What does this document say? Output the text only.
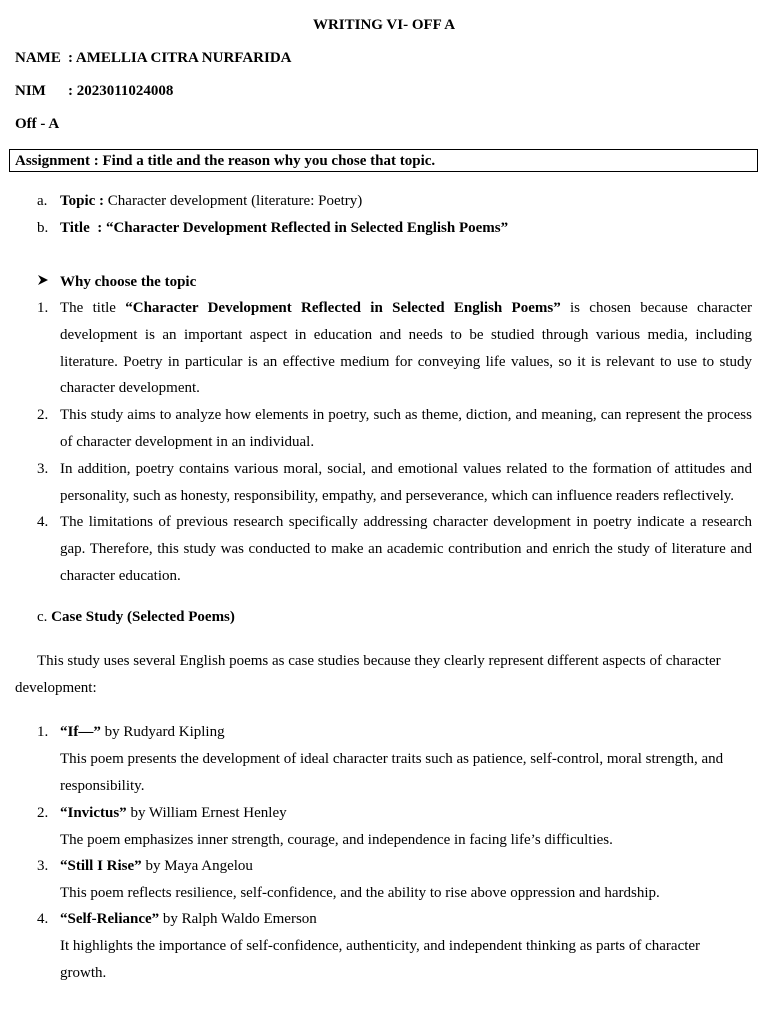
WRITING VI- OFF A
NAME : AMELLIA CITRA NURFARIDA
NIM : 2023011024008
Off - A
Assignment : Find a title and the reason why you chose that topic.
a. Topic : Character development (literature: Poetry)
b. Title  : “Character Development Reflected in Selected English Poems”
Why choose the topic
1. The title “Character Development Reflected in Selected English Poems” is chosen because character development is an important aspect in education and needs to be studied through various media, including literature. Poetry in particular is an effective medium for conveying life values, so it is relevant to use to study character development.
2. This study aims to analyze how elements in poetry, such as theme, diction, and meaning, can represent the process of character development in an individual.
3. In addition, poetry contains various moral, social, and emotional values related to the formation of attitudes and personality, such as honesty, responsibility, empathy, and perseverance, which can influence readers reflectively.
4. The limitations of previous research specifically addressing character development in poetry indicate a research gap. Therefore, this study was conducted to make an academic contribution and enrich the study of literature and character education.
c. Case Study (Selected Poems)
This study uses several English poems as case studies because they clearly represent different aspects of character development:
1. “If—” by Rudyard Kipling
This poem presents the development of ideal character traits such as patience, self-control, moral strength, and responsibility.
2. “Invictus” by William Ernest Henley
The poem emphasizes inner strength, courage, and independence in facing life’s difficulties.
3. “Still I Rise” by Maya Angelou
This poem reflects resilience, self-confidence, and the ability to rise above oppression and hardship.
4. “Self-Reliance” by Ralph Waldo Emerson
It highlights the importance of self-confidence, authenticity, and independent thinking as parts of character growth.
